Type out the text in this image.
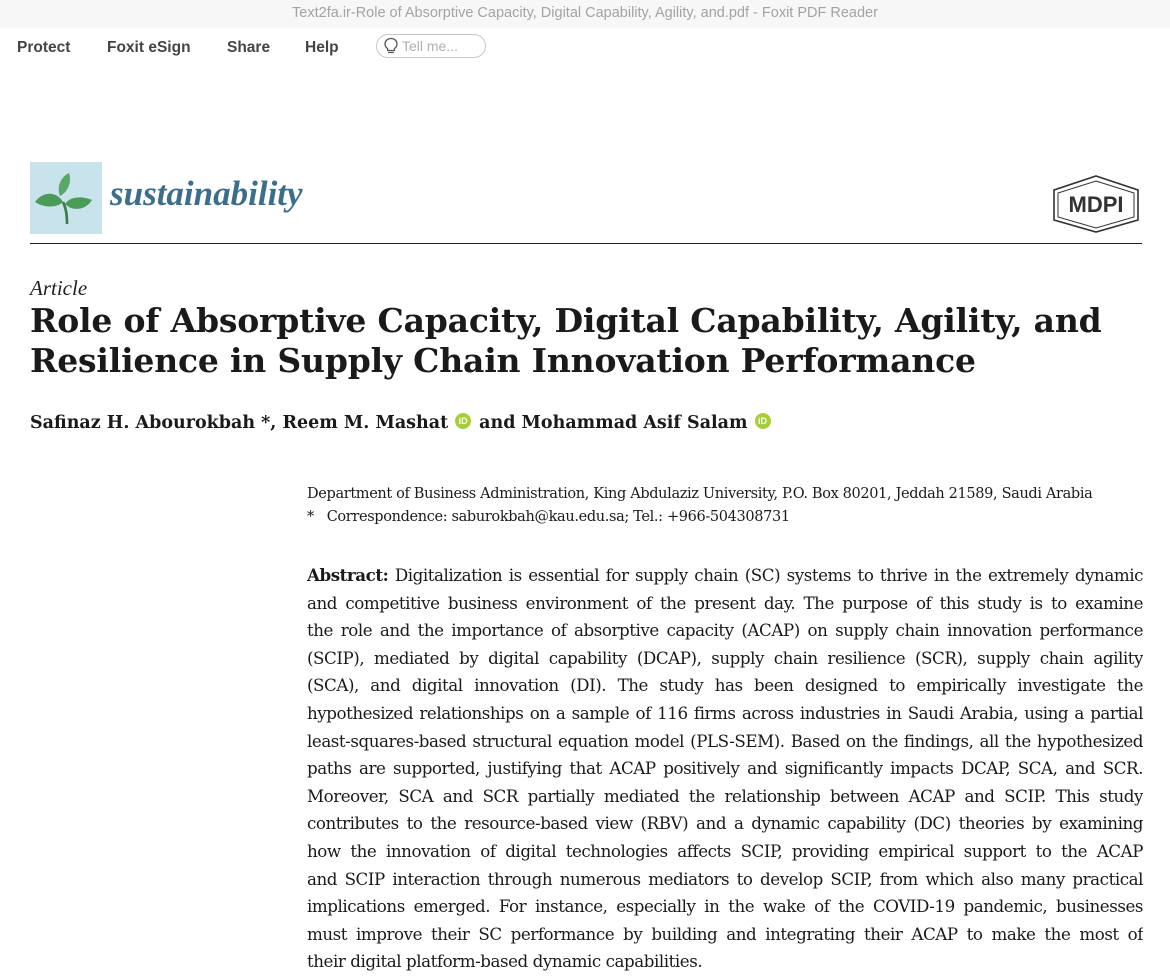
Text2fa.ir-Role of Absorptive Capacity, Digital Capability, Agility, and.pdf - Foxit PDF Reader
Protect Foxit eSign Share Help
Tell me...
sustainability	MDPI
Article
Role of Absorptive Capacity, Digital Capability, Agility, and
Resilience in Supply Chain Innovation Performance
Safinaz H. Abourokbah *, Reem M. Mashat	iD and Mohammad Asif Salam	iD
Department of Business Administration, King Abdulaziz University, P.O. Box 80201, Jeddah 21589, Saudi Arabia
* Correspondence: saburokbah@kau.edu.sa; Tel.: +966-504308731
Abstract: Digitalization is essential for supply chain (SC) systems to thrive in the extremely dynamic
and competitive business environment of the present day. The purpose of this study is to examine
the role and the importance of absorptive capacity (ACAP) on supply chain innovation performance
(SCIP), mediated by digital capability (DCAP), supply chain resilience (SCR), supply chain agility
(SCA), and digital innovation (DI). The study has been designed to empirically investigate the
hypothesized relationships on a sample of 116 firms across industries in Saudi Arabia, using a partial
least-squares-based structural equation model (PLS-SEM). Based on the findings, all the hypothesized
paths are supported, justifying that ACAP positively and significantly impacts DCAP, SCA, and SCR.
Moreover, SCA and SCR partially mediated the relationship between ACAP and SCIP. This study
contributes to the resource-based view (RBV) and a dynamic capability (DC) theories by examining
how the innovation of digital technologies affects SCIP, providing empirical support to the ACAP
and SCIP interaction through numerous mediators to develop SCIP, from which also many practical
implications emerged. For instance, especially in the wake of the COVID-19 pandemic, businesses
must improve their SC performance by building and integrating their ACAP to make the most of
their digital platform-based dynamic capabilities.
